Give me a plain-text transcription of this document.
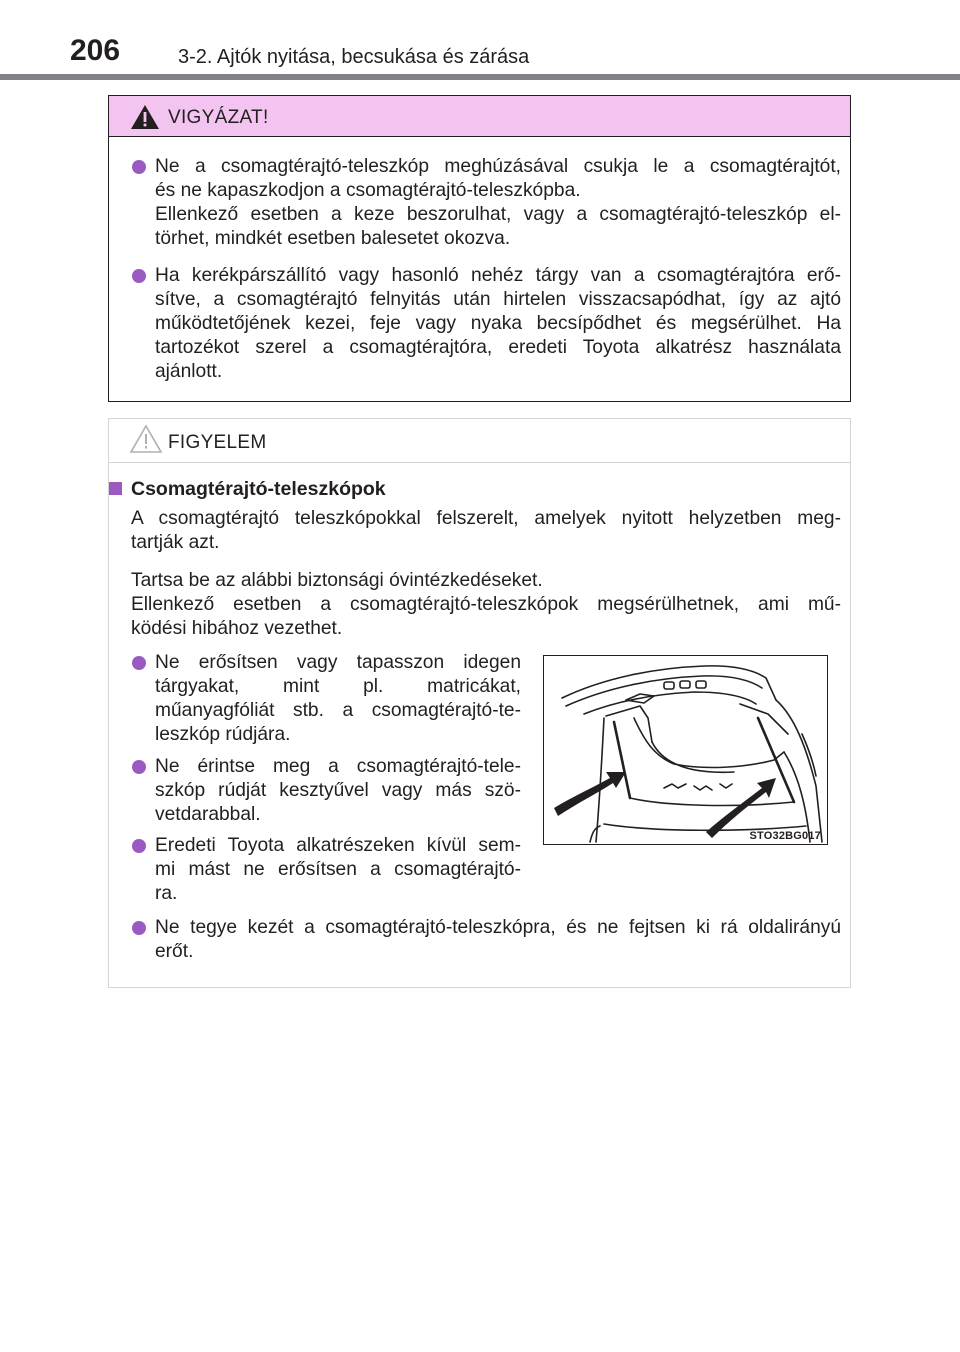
206	3-2. Ajtók nyitása, becsukása és zárása
VIGYÁZAT!
Ne a csomagtérajtó-teleszkóp meghúzásával csukja le a csomagtérajtót,
és ne kapaszkodjon a csomagtérajtó-teleszkópba.
Ellenkező esetben a keze beszorulhat, vagy a csomagtérajtó-teleszkóp el-
törhet, mindkét esetben balesetet okozva.
Ha kerékpárszállító vagy hasonló nehéz tárgy van a csomagtérajtóra erő-
sítve, a csomagtérajtó felnyitás után hirtelen visszacsapódhat, így az ajtó
működtetőjének kezei, feje vagy nyaka becsípődhet és megsérülhet. Ha
tartozékot szerel a csomagtérajtóra, eredeti Toyota alkatrész használata
ajánlott.
FIGYELEM
Csomagtérajtó-teleszkópok
A csomagtérajtó teleszkópokkal felszerelt, amelyek nyitott helyzetben meg-
tartják azt.
Tartsa be az alábbi biztonsági óvintézkedéseket.
Ellenkező esetben a csomagtérajtó-teleszkópok megsérülhetnek, ami mű-
ködési hibához vezethet.
Ne erősítsen vagy tapasszon idegen
tárgyakat, mint pl. matricákat,
műanyagfóliát stb. a csomagtérajtó-te-
leszkóp rúdjára.
Ne érintse meg a csomagtérajtó-tele-
szkóp rúdját kesztyűvel vagy más szö-
vetdarabbal.
Eredeti Toyota alkatrészeken kívül sem-
mi mást ne erősítsen a csomagtérajtó-
ra.
Ne tegye kezét a csomagtérajtó-teleszkópra, és ne fejtsen ki rá oldalirányú
erőt.
STO32BG017
